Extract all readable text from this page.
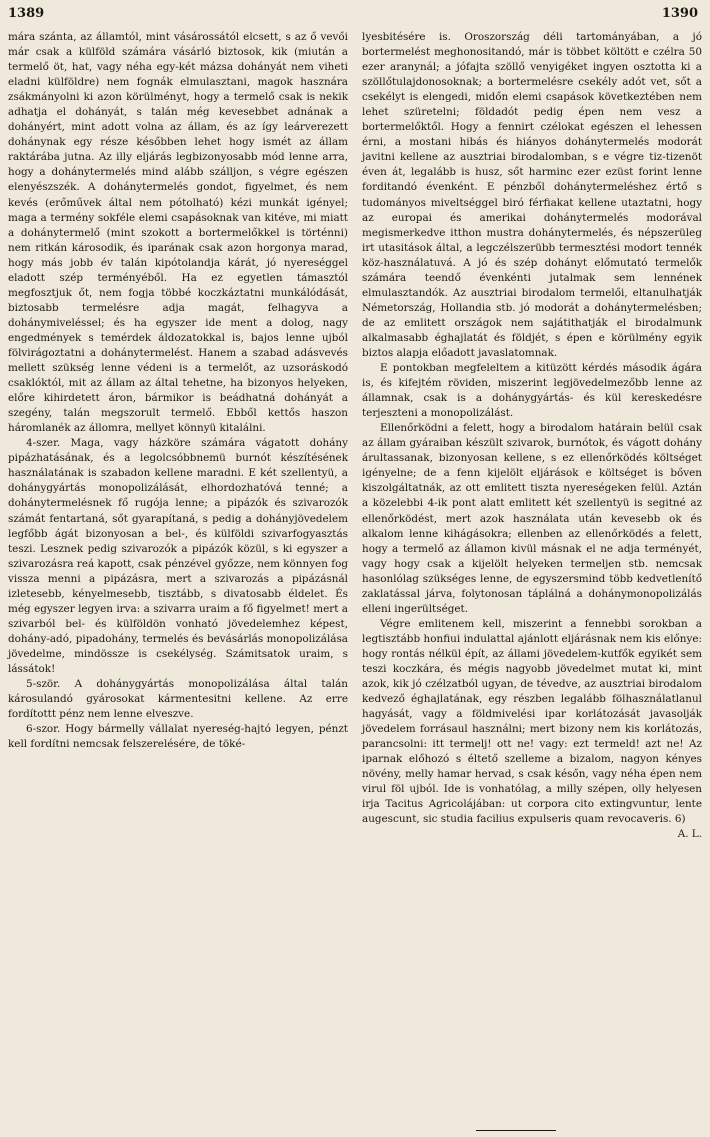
1389	1390

mára szánta, az államtól, mint vásárossától elcsett, s az ő vevői már csak a külföld számára vásárló biztosok, kik (miután a termelő öt, hat, vagy néha egy-két mázsa dohányát nem viheti eladni külföldre) nem fognák elmulasztani, magok hasznára zsákmányolni ki azon körülményt, hogy a termelő csak is nekik adhatja el dohányát, s talán még kevesebbet adnának a dohányért, mint adott volna az állam, és az így leárverezett dohánynak egy része későbben lehet hogy ismét az állam raktárába jutna. Az illy eljárás legbizonyosabb mód lenne arra, hogy a dohánytermelés mind alább szálljon, s végre egészen elenyészszék. A dohánytermelés gondot, figyelmet, és nem kevés (erőművek által nem pótolható) kézi munkát igényel; maga a termény sokféle elemi csapásoknak van kitéve, mi miatt a dohánytermelő (mint szokott a bortermelőkkel is történni) nem ritkán károsodik, és iparának csak azon horgonya marad, hogy más jobb év talán kipótolandja kárát, jó nyereséggel eladott szép terményéből. Ha ez egyetlen támasztól megfosztjuk őt, nem fogja többé koczkáztatni munkálódását, biztosabb termelésre adja magát, felhagyva a dohánymiveléssel; és ha egyszer ide ment a dolog, nagy engedmények s temérdek áldozatokkal is, bajos lenne ujból fölvirágoztatni a dohánytermelést. Hanem a szabad adásvevés mellett szükség lenne védeni is a termelőt, az uzsoráskodó csaklóktól, mit az állam az által tehetne, ha bizonyos helyeken, előre kihirdetett áron, bármikor is beádhatná dohányát a szegény, talán megszorult termelő. Ebből kettős haszon háromlanék az állomra, mellyet könnyü kitalálni.

4-szer. Maga, vagy házköre számára vágatott dohány pipázhatásának, és a legolcsóbbnemü burnót készítésének használatának is szabadon kellene maradni. E két szellentyü, a dohánygyártás monopolizálását, elhordozhatóvá tenné; a dohánytermelésnek fő rugója lenne; a pipázók és szivarozók számát fentartaná, sőt gyarapítaná, s pedig a dohányjövedelem legfőbb ágát bizonyosan a bel-, és külföldi szivarfogyasztás teszi. Lesznek pedig szivarozók a pipázók közül, s ki egyszer a szivarozásra reá kapott, csak pénzével győzze, nem könnyen fog vissza menni a pipázásra, mert a szivarozás a pipázásnál izletesebb, kényelmesebb, tisztább, s divatosabb éldelet. És még egyszer legyen irva: a szivarra uraim a fő figyelmet! mert a szivarból bel- és külföldön vonható jövedelemhez képest, dohány-adó, pipadohány, termelés és bevásárlás monopolizálása jövedelme, mindössze is csekélység. Számitsatok uraim, s lássátok!

5-ször. A dohánygyártás monopolizálása által talán károsulandó gyárosokat kármentesitni kellene. Az erre fordítottt pénz nem lenne elveszve.

6-szor. Hogy bármelly vállalat nyereség-hajtó legyen, pénzt kell fordítni nemcsak felszerelésére, de töké-

lyesbitésére is. Oroszország déli tartományában, a jó bortermelést meghonositandó, már is többet költött e czélra 50 ezer aranynál; a jófajta szöllő venyigéket ingyen osztotta ki a szöllőtulajdonosoknak; a bortermelésre csekély adót vet, sőt a csekélyt is elengedi, midőn elemi csapások következtében nem lehet szüretelni; földadót pedig épen nem vesz a bortermelőktől. Hogy a fennirt czélokat egészen el lehessen érni, a mostani hibás és hiányos dohánytermelés modorát javitni kellene az ausztriai birodalomban, s e végre tiz-tizenöt éven át, legalább is husz, sőt harminc ezer ezüst forint lenne forditandó évenként. E pénzből dohánytermeléshez értő s tudományos miveltséggel biró férfiakat kellene utaztatni, hogy az europai és amerikai dohánytermelés modorával megismerkedve itthon mustra dohánytermelés, és népszerüleg irt utasitások által, a legczélszerübb termesztési modort tennék köz-használatuvá. A jó és szép dohányt előmutató termelők számára teendő évenkénti jutalmak sem lennének elmulasztandók. Az ausztriai birodalom termelői, eltanulhatják Németország, Hollandia stb. jó modorát a dohánytermelésben; de az emlitett országok nem sajátithatják el birodalmunk alkalmasabb éghajlatát és földjét, s épen e körülmény egyik biztos alapja előadott javaslatomnak.

E pontokban megfeleltem a kitüzött kérdés második ágára is, és kifejtém röviden, miszerint legjövedelmezőbb lenne az államnak, csak is a dohánygyártás- és kül kereskedésre terjeszteni a monopolizálást.

Ellenőrködni a felett, hogy a birodalom határain belül csak az állam gyáraiban készült szivarok, burnótok, és vágott dohány árultassanak, bizonyosan kellene, s ez ellenőrködés költséget igényelne; de a fenn kijelölt eljárások e költséget is bőven kiszolgáltatnák, az ott emlitett tiszta nyereségeken felül. Aztán a közelebbi 4-ik pont alatt emlitett két szellentyü is segitné az ellenőrködést, mert azok használata után kevesebb ok és alkalom lenne kihágásokra; ellenben az ellenőrködés a felett, hogy a termelő az államon kivül másnak el ne adja terményét, vagy hogy csak a kijelölt helyeken termeljen stb. nemcsak hasonlólag szükséges lenne, de egyszersmind több kedvetlenítő zaklatással járva, folytonosan táplálná a dohánymonopolizálás elleni ingerültséget.

Végre emlitenem kell, miszerint a fennebbi sorokban a legtisztább honfiui indulattal ajánlott eljárásnak nem kis előnye: hogy rontás nélkül épít, az állami jövedelem-kutfők egyikét sem teszi koczkára, és mégis nagyobb jövedelmet mutat ki, mint azok, kik jó czélzatból ugyan, de tévedve, az ausztriai birodalom kedvező éghajlatának, egy részben legalább fölhasználatlanul hagyását, vagy a földmivelési ipar korlátozását javasolják jövedelem forrásaul használni; mert bizony nem kis korlátozás, parancsolni: itt termelj! ott ne! vagy: ezt termeld! azt ne! Az iparnak előhozó s éltető szelleme a bizalom, nagyon kényes növény, melly hamar hervad, s csak későn, vagy néha épen nem virul föl ujból. Ide is vonhatólag, a milly szépen, olly helyesen irja Tacitus Agricolájában: ut corpora cito extingvuntur, lente augescunt, sic studia facilius expulseris quam revocaveris. 6)

A. L.
